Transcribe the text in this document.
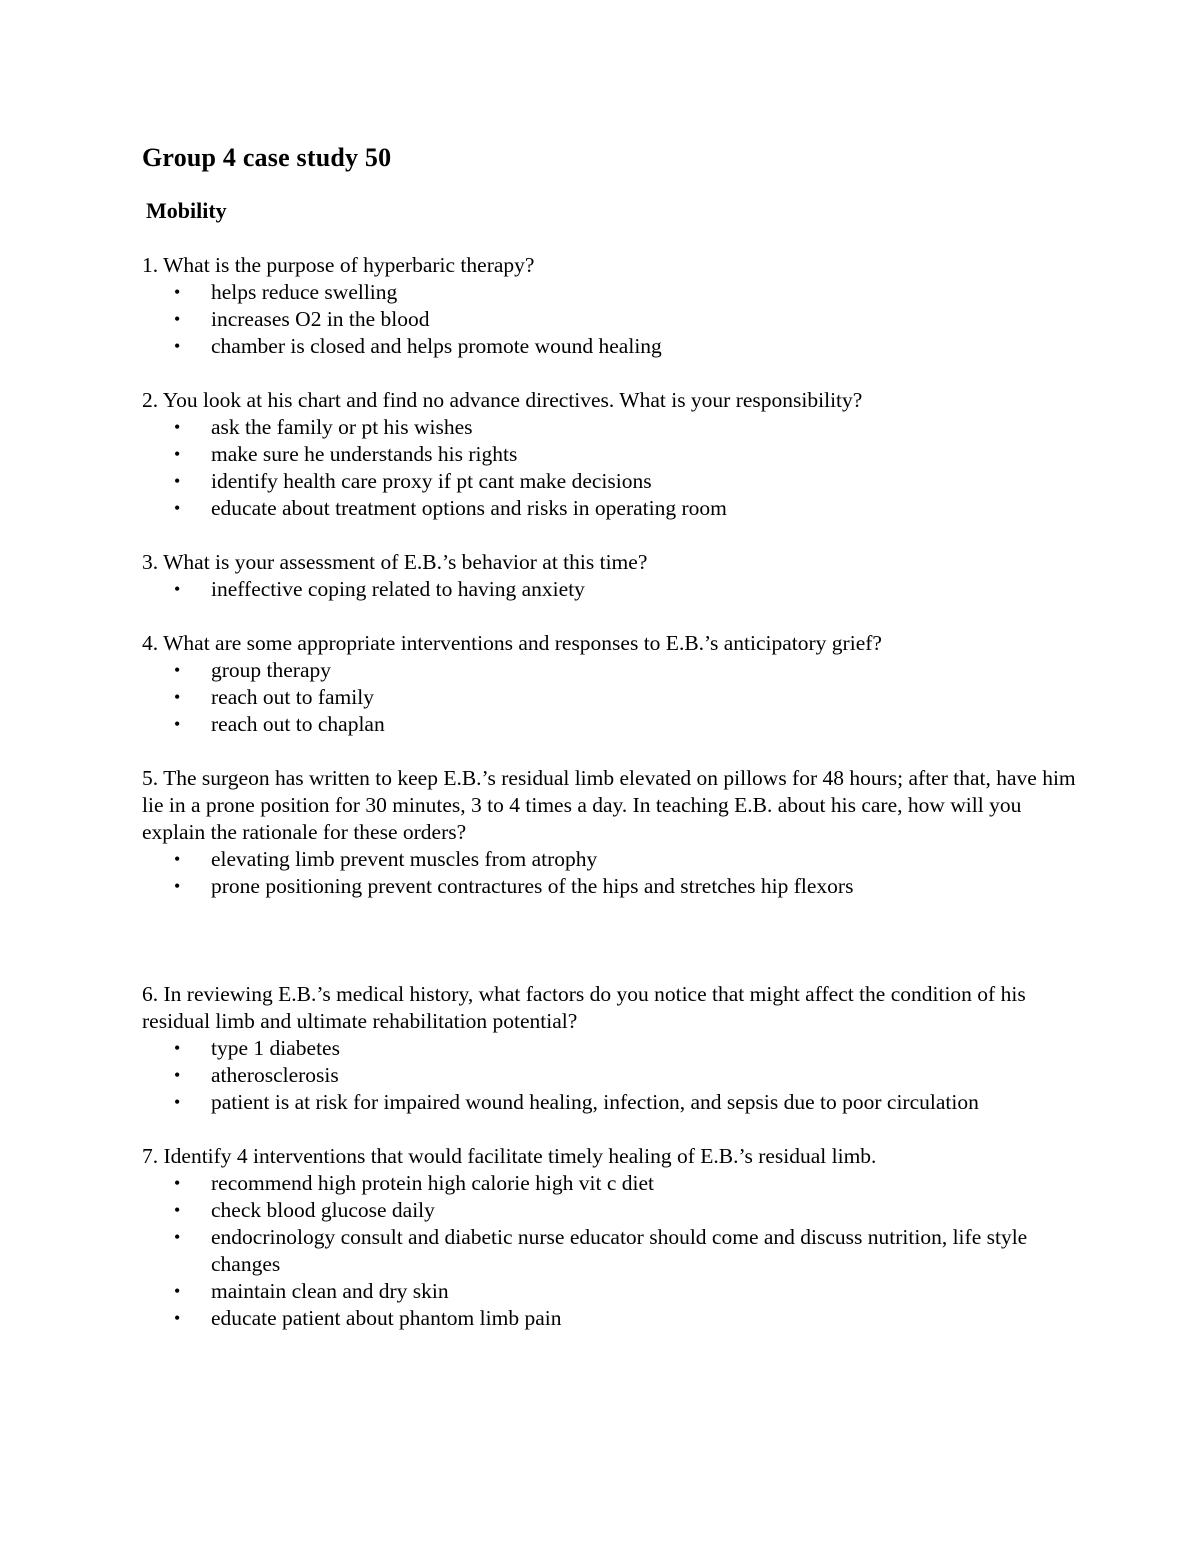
Group 4 case study 50
Mobility

1. What is the purpose of hyperbaric therapy?

• helps reduce swelling
• increases O2 in the blood
• chamber is closed and helps promote wound healing

2. You look at his chart and find no advance directives. What is your responsibility?

• ask the family or pt his wishes
• make sure he understands his rights
• identify health care proxy if pt cant make decisions
• educate about treatment options and risks in operating room

3. What is your assessment of E.B.’s behavior at this time?

• ineffective coping related to having anxiety

4. What are some appropriate interventions and responses to E.B.’s anticipatory grief?

• group therapy
• reach out to family
• reach out to chaplan

5. The surgeon has written to keep E.B.’s residual limb elevated on pillows for 48 hours; after that, have him lie in a prone position for 30 minutes, 3 to 4 times a day. In teaching E.B. about his care, how will you explain the rationale for these orders?

• elevating limb prevent muscles from atrophy
• prone positioning prevent contractures of the hips and stretches hip flexors

6. In reviewing E.B.’s medical history, what factors do you notice that might affect the condition of his residual limb and ultimate rehabilitation potential?

• type 1 diabetes
• atherosclerosis
• patient is at risk for impaired wound healing, infection, and sepsis due to poor circulation

7. Identify 4 interventions that would facilitate timely healing of E.B.’s residual limb.

• recommend high protein high calorie high vit c diet
• check blood glucose daily
• endocrinology consult and diabetic nurse educator should come and discuss nutrition, life style changes
• maintain clean and dry skin
• educate patient about phantom limb pain
